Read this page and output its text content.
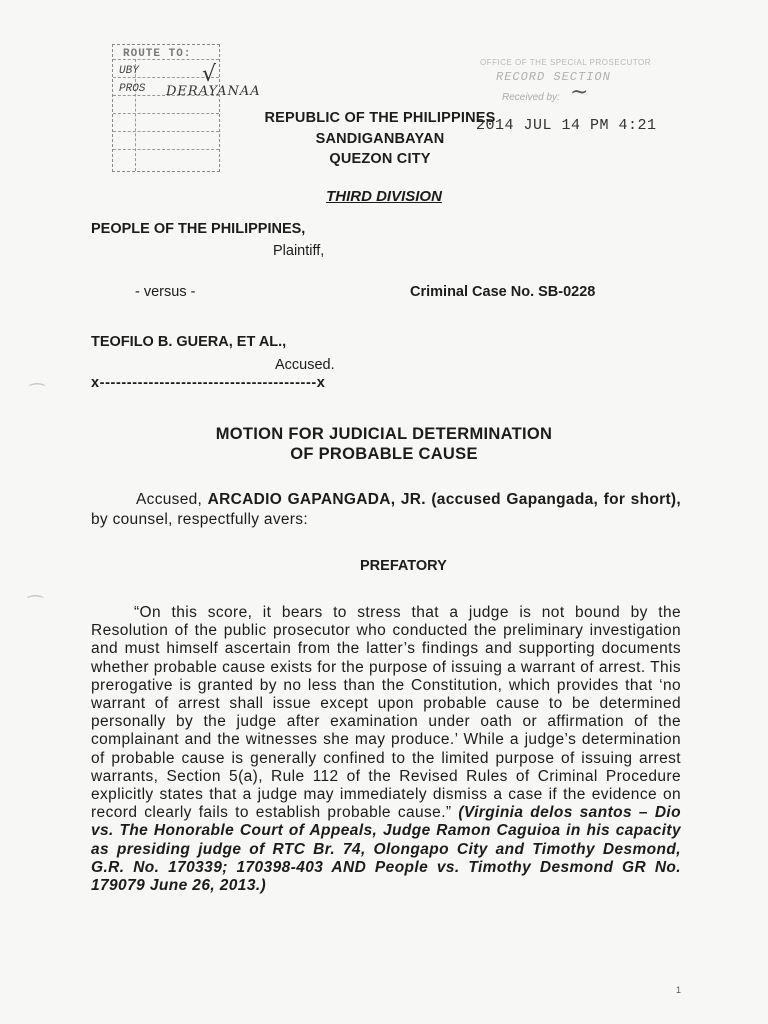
ROUTE TO:
UBY
PROS DERAYANAA
√	OFFICE OF THE SPECIAL PROSECUTOR
RECORD SECTION
Received by: ~
2014 JUL 14 PM 4:21
REPUBLIC OF THE PHILIPPINES
SANDIGANBAYAN
QUEZON CITY
THIRD DIVISION
PEOPLE OF THE PHILIPPINES,
Plaintiff,
- versus -	Criminal Case No. SB-0228
TEOFILO B. GUERA, ET AL.,
Accused.
x----------------------------------------x
MOTION FOR JUDICIAL DETERMINATION
OF PROBABLE CAUSE
Accused, ARCADIO GAPANGADA, JR. (accused Gapangada, for short), by counsel, respectfully avers:
PREFATORY
“On this score, it bears to stress that a judge is not bound by the Resolution of the public prosecutor who conducted the preliminary investigation and must himself ascertain from the latter’s findings and supporting documents whether probable cause exists for the purpose of issuing a warrant of arrest. This prerogative is granted by no less than the Constitution, which provides that ‘no warrant of arrest shall issue except upon probable cause to be determined personally by the judge after examination under oath or affirmation of the complainant and the witnesses she may produce.’ While a judge’s determination of probable cause is generally confined to the limited purpose of issuing arrest warrants, Section 5(a), Rule 112 of the Revised Rules of Criminal Procedure explicitly states that a judge may immediately dismiss a case if the evidence on record clearly fails to establish probable cause.” (Virginia delos santos – Dio vs. The Honorable Court of Appeals, Judge Ramon Caguioa in his capacity as presiding judge of RTC Br. 74, Olongapo City and Timothy Desmond, G.R. No. 170339; 170398-403 AND People vs. Timothy Desmond GR No. 179079 June 26, 2013.)
⁀
⁀
1
